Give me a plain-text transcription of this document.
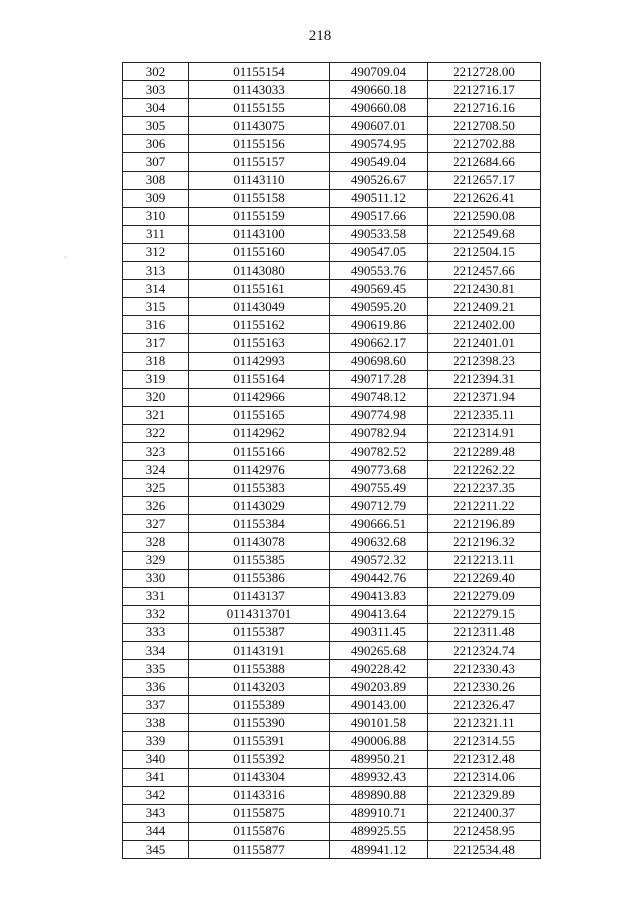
218
·
302	01155154	490709.04	2212728.00
303	01143033	490660.18	2212716.17
304	01155155	490660.08	2212716.16
305	01143075	490607.01	2212708.50
306	01155156	490574.95	2212702.88
307	01155157	490549.04	2212684.66
308	01143110	490526.67	2212657.17
309	01155158	490511.12	2212626.41
310	01155159	490517.66	2212590.08
311	01143100	490533.58	2212549.68
312	01155160	490547.05	2212504.15
313	01143080	490553.76	2212457.66
314	01155161	490569.45	2212430.81
315	01143049	490595.20	2212409.21
316	01155162	490619.86	2212402.00
317	01155163	490662.17	2212401.01
318	01142993	490698.60	2212398.23
319	01155164	490717.28	2212394.31
320	01142966	490748.12	2212371.94
321	01155165	490774.98	2212335.11
322	01142962	490782.94	2212314.91
323	01155166	490782.52	2212289.48
324	01142976	490773.68	2212262.22
325	01155383	490755.49	2212237.35
326	01143029	490712.79	2212211.22
327	01155384	490666.51	2212196.89
328	01143078	490632.68	2212196.32
329	01155385	490572.32	2212213.11
330	01155386	490442.76	2212269.40
331	01143137	490413.83	2212279.09
332	0114313701	490413.64	2212279.15
333	01155387	490311.45	2212311.48
334	01143191	490265.68	2212324.74
335	01155388	490228.42	2212330.43
336	01143203	490203.89	2212330.26
337	01155389	490143.00	2212326.47
338	01155390	490101.58	2212321.11
339	01155391	490006.88	2212314.55
340	01155392	489950.21	2212312.48
341	01143304	489932.43	2212314.06
342	01143316	489890.88	2212329.89
343	01155875	489910.71	2212400.37
344	01155876	489925.55	2212458.95
345	01155877	489941.12	2212534.48
